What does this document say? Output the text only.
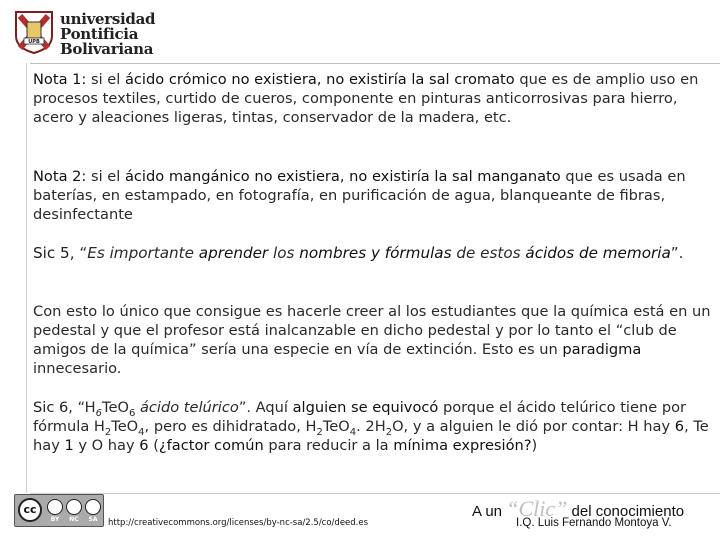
UPB
universidad
Pontificia
Bolivariana
Nota 1: si el ácido crómico no existiera, no existiría la sal cromato que es de amplio uso en procesos textiles, curtido de cueros, componente en pinturas anticorrosivas para hierro, acero y aleaciones ligeras, tintas, conservador de la madera, etc.
Nota 2: si el ácido mangánico no existiera, no existiría la sal manganato que es usada en baterías, en estampado, en fotografía, en purificación de agua, blanqueante de fibras, desinfectante
Sic 5, “Es importante aprender los nombres y fórmulas de estos ácidos de memoria”.
Con esto lo único que consigue es hacerle creer al los estudiantes que la química está en un pedestal y que el profesor está inalcanzable en dicho pedestal y por lo tanto el “club de amigos de la química” sería una especie en vía de extinción. Esto es un paradigma innecesario.
Sic 6, “$H_6TeO_6$ ácido telúrico”. Aquí alguien se equivocó porque el ácido telúrico tiene por fórmula $H_2TeO_4$, pero es dihidratado, $H_2TeO_4$. $2H_2O$, y a alguien le dió por contar: H hay 6, Te hay 1 y O hay 6 (¿factor común para reducir a la mínima expresión?)
cc
BY	NC	SA	http://creativecommons.org/licenses/by-nc-sa/2.5/co/deed.es
A un “Clic” del conocimiento
I.Q. Luis Fernando Montoya V.
